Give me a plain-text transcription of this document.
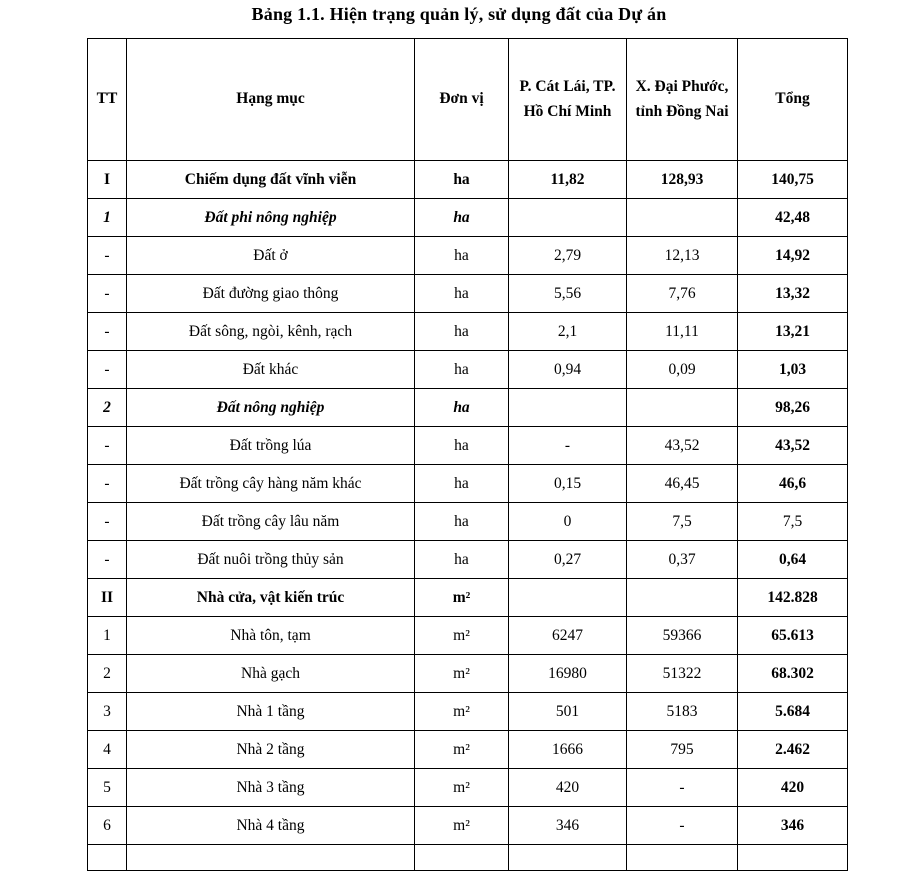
Bảng 1.1. Hiện trạng quản lý, sử dụng đất của Dự án
TT	Hạng mục	Đơn vị	P. Cát Lái, TP. Hồ Chí Minh	X. Đại Phước, tỉnh Đồng Nai	Tổng
I	Chiếm dụng đất vĩnh viễn	ha	11,82	128,93	140,75
1	Đất phi nông nghiệp	ha			42,48
-	Đất ở	ha	2,79	12,13	14,92
-	Đất đường giao thông	ha	5,56	7,76	13,32
-	Đất sông, ngòi, kênh, rạch	ha	2,1	11,11	13,21
-	Đất khác	ha	0,94	0,09	1,03
2	Đất nông nghiệp	ha			98,26
-	Đất trồng lúa	ha	-	43,52	43,52
-	Đất trồng cây hàng năm khác	ha	0,15	46,45	46,6
-	Đất trồng cây lâu năm	ha	0	7,5	7,5
-	Đất nuôi trồng thủy sản	ha	0,27	0,37	0,64
II	Nhà cửa, vật kiến trúc	m²			142.828
1	Nhà tôn, tạm	m²	6247	59366	65.613
2	Nhà gạch	m²	16980	51322	68.302
3	Nhà 1 tầng	m²	501	5183	5.684
4	Nhà 2 tầng	m²	1666	795	2.462
5	Nhà 3 tầng	m²	420	-	420
6	Nhà 4 tầng	m²	346	-	346
